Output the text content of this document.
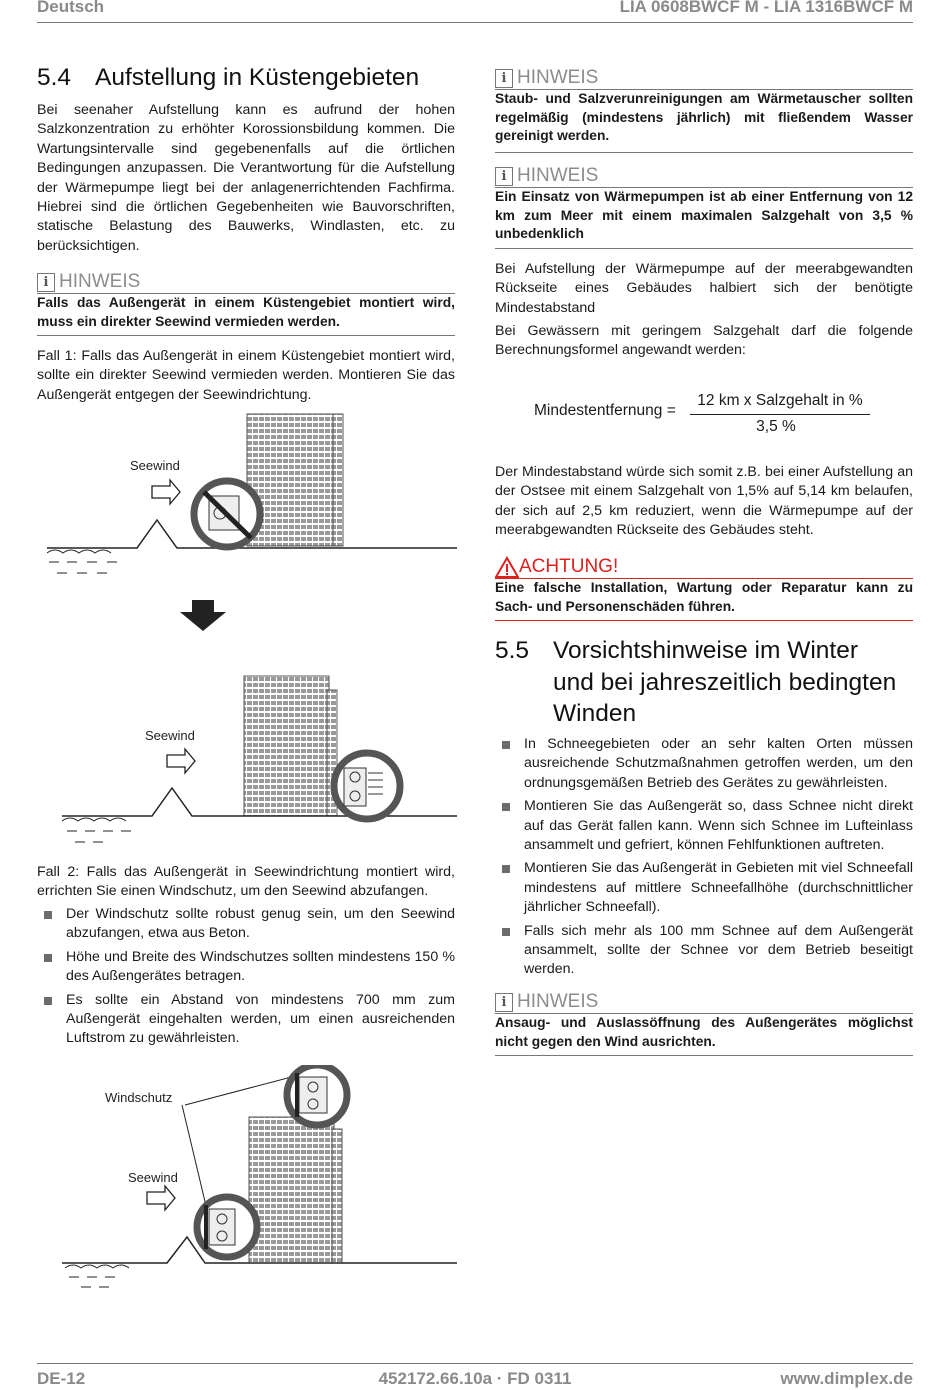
Deutsch	LIA 0608BWCF M - LIA 1316BWCF M
5.4 Aufstellung in Küstengebieten

Bei seenaher Aufstellung kann es aufrund der hohen Salzkonzentration zu erhöhter Korossionsbildung kommen. Die Wartungsintervalle sind gegebenenfalls auf die örtlichen Bedingungen anzupassen. Die Verantwortung für die Aufstellung der Wärmepumpe liegt bei der anlagenerrichtenden Fachfirma. Hiebrei sind die örtlichen Gegebenheiten wie Bauvorschriften, statische Belastung des Bauwerks, Windlasten, etc. zu berücksichtigen.

i HINWEIS

Falls das Außengerät in einem Küstengebiet montiert wird, muss ein direkter Seewind vermieden werden.

Fall 1: Falls das Außengerät in einem Küstengebiet montiert wird, sollte ein direkter Seewind vermieden werden. Montieren Sie das Außengerät entgegen der Seewindrichtung.

Seewind
Seewind

Fall 2: Falls das Außengerät in Seewindrichtung montiert wird, errichten Sie einen Windschutz, um den Seewind abzufangen.

Der Windschutz sollte robust genug sein, um den Seewind abzufangen, etwa aus Beton.
Höhe und Breite des Windschutzes sollten mindestens 150 % des Außengerätes betragen.
Es sollte ein Abstand von mindestens 700 mm zum Außengerät eingehalten werden, um einen ausreichenden Luftstrom zu gewährleisten.
Windschutz
Seewind
i HINWEIS

Staub- und Salzverunreinigungen am Wärmetauscher sollten regelmäßig (mindestens jährlich) mit fließendem Wasser gereinigt werden.

i HINWEIS

Ein Einsatz von Wärmepumpen ist ab einer Entfernung von 12 km zum Meer mit einem maximalen Salzgehalt von 3,5 % unbedenklich

Bei Aufstellung der Wärmepumpe auf der meerabgewandten Rückseite eines Gebäudes halbiert sich der benötigte Mindestabstand

Bei Gewässern mit geringem Salzgehalt darf die folgende Berechnungsformel angewandt werden:

Mindestentfernung =
12 km x Salzgehalt in %
3,5 %

Der Mindestabstand würde sich somit z.B. bei einer Aufstellung an der Ostsee mit einem Salzgehalt von 1,5% auf 5,14 km belaufen, der sich auf 2,5 km reduziert, wenn die Wärmepumpe auf der meerabgewandten Rückseite des Gebäudes steht.

ACHTUNG!

Eine falsche Installation, Wartung oder Reparatur kann zu Sach- und Personenschäden führen.

5.5 Vorsichtshinweise im Winter
und bei jahreszeitlich bedingten
Winden
In Schneegebieten oder an sehr kalten Orten müssen ausreichende Schutzmaßnahmen getroffen werden, um den ordnungsgemäßen Betrieb des Gerätes zu gewährleisten.
Montieren Sie das Außengerät so, dass Schnee nicht direkt auf das Gerät fallen kann. Wenn sich Schnee im Lufteinlass ansammelt und gefriert, können Fehlfunktionen auftreten.
Montieren Sie das Außengerät in Gebieten mit viel Schneefall mindestens auf mittlere Schneefallhöhe (durchschnittlicher jährlicher Schneefall).
Falls sich mehr als 100 mm Schnee auf dem Außengerät ansammelt, sollte der Schnee vor dem Betrieb beseitigt werden.
i HINWEIS

Ansaug- und Auslassöffnung des Außengerätes möglichst nicht gegen den Wind ausrichten.

DE-12	452172.66.10a · FD 0311	www.dimplex.de
